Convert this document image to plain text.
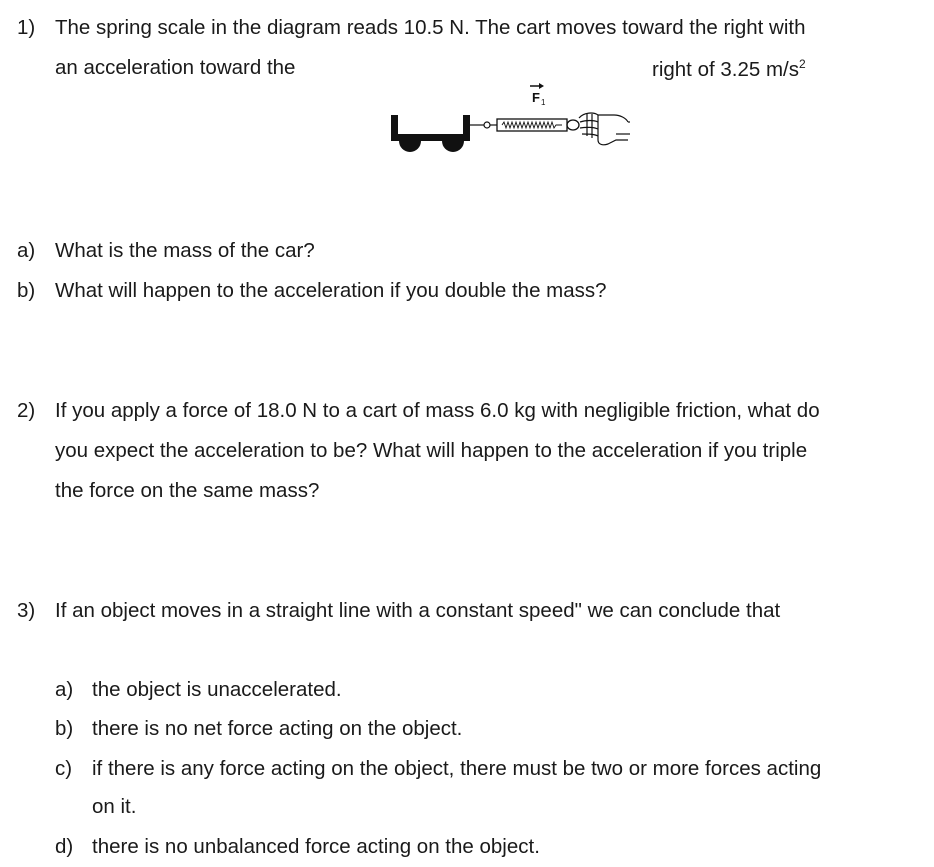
1) The spring scale in the diagram reads 10.5 N. The cart moves toward the right with
an acceleration toward the	right of 3.25 $m/s^2$
F 1
a) What is the mass of the car?
b) What will happen to the acceleration if you double the mass?
2) If you apply a force of 18.0 N to a cart of mass 6.0 kg with negligible friction, what do
you expect the acceleration to be? What will happen to the acceleration if you triple
the force on the same mass?
3) If an object moves in a straight line with a constant speed" we can conclude that
a) the object is unaccelerated.
b) there is no net force acting on the object.
c) if there is any force acting on the object, there must be two or more forces acting
on it.
d) there is no unbalanced force acting on the object.
